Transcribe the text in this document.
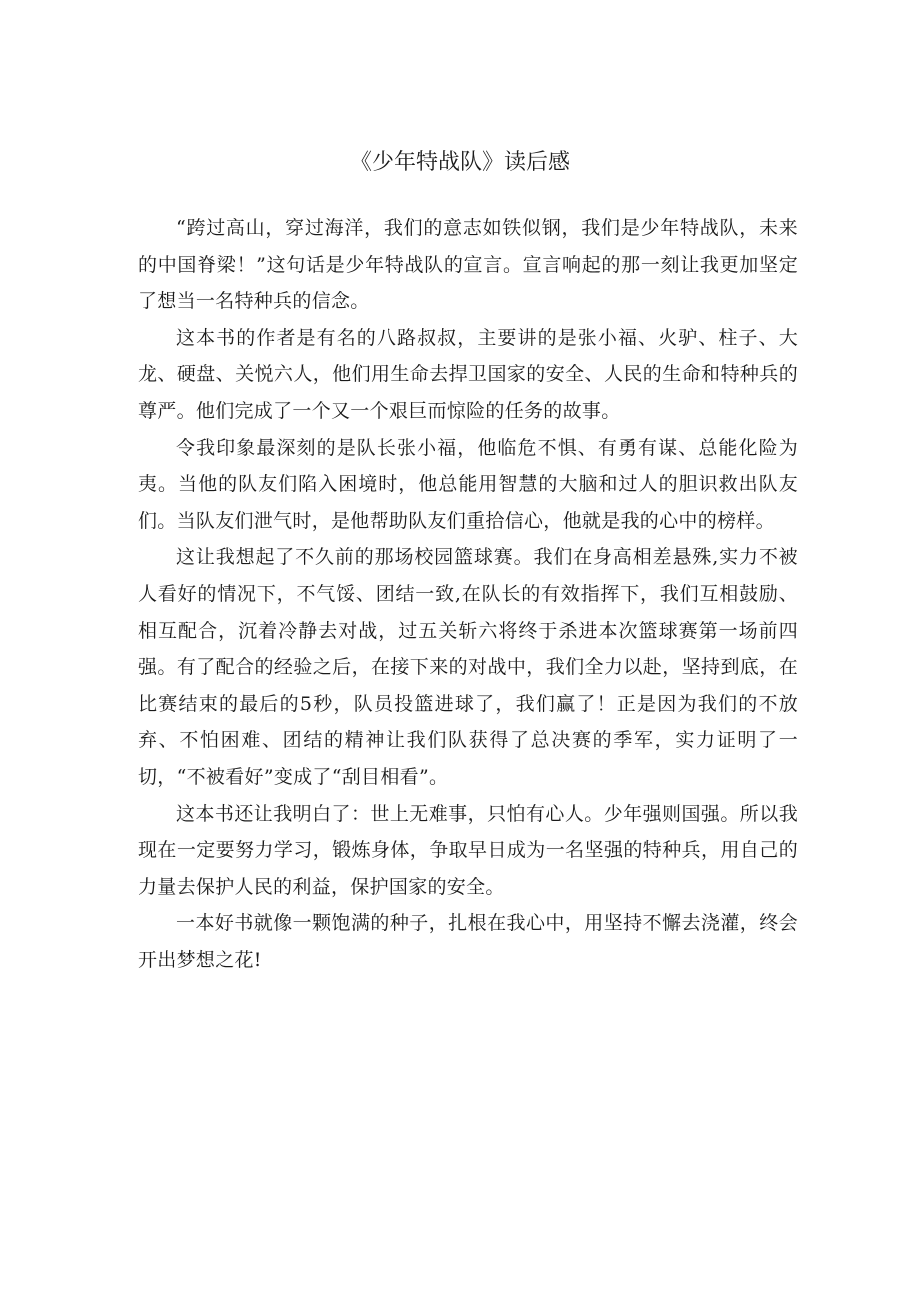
《少年特战队》读后感

“跨过高山，穿过海洋，我们的意志如铁似钢，我们是少年特战队，未来的中国脊梁！”这句话是少年特战队的宣言。宣言响起的那一刻让我更加坚定了想当一名特种兵的信念。

这本书的作者是有名的八路叔叔，主要讲的是张小福、火驴、柱子、大龙、硬盘、关悦六人，他们用生命去捍卫国家的安全、人民的生命和特种兵的尊严。他们完成了一个又一个艰巨而惊险的任务的故事。

令我印象最深刻的是队长张小福，他临危不惧、有勇有谋、总能化险为夷。当他的队友们陷入困境时，他总能用智慧的大脑和过人的胆识救出队友们。当队友们泄气时，是他帮助队友们重拾信心，他就是我的心中的榜样。

这让我想起了不久前的那场校园篮球赛。我们在身高相差悬殊,实力不被人看好的情况下，不气馁、团结一致,在队长的有效指挥下，我们互相鼓励、相互配合，沉着冷静去对战，过五关斩六将终于杀进本次篮球赛第一场前四强。有了配合的经验之后，在接下来的对战中，我们全力以赴，坚持到底，在比赛结束的最后的5秒，队员投篮进球了，我们赢了！正是因为我们的不放弃、不怕困难、团结的精神让我们队获得了总决赛的季军，实力证明了一切，“不被看好”变成了“刮目相看”。

这本书还让我明白了：世上无难事，只怕有心人。少年强则国强。所以我现在一定要努力学习，锻炼身体，争取早日成为一名坚强的特种兵，用自己的力量去保护人民的利益，保护国家的安全。

一本好书就像一颗饱满的种子，扎根在我心中，用坚持不懈去浇灌，终会开出梦想之花!
